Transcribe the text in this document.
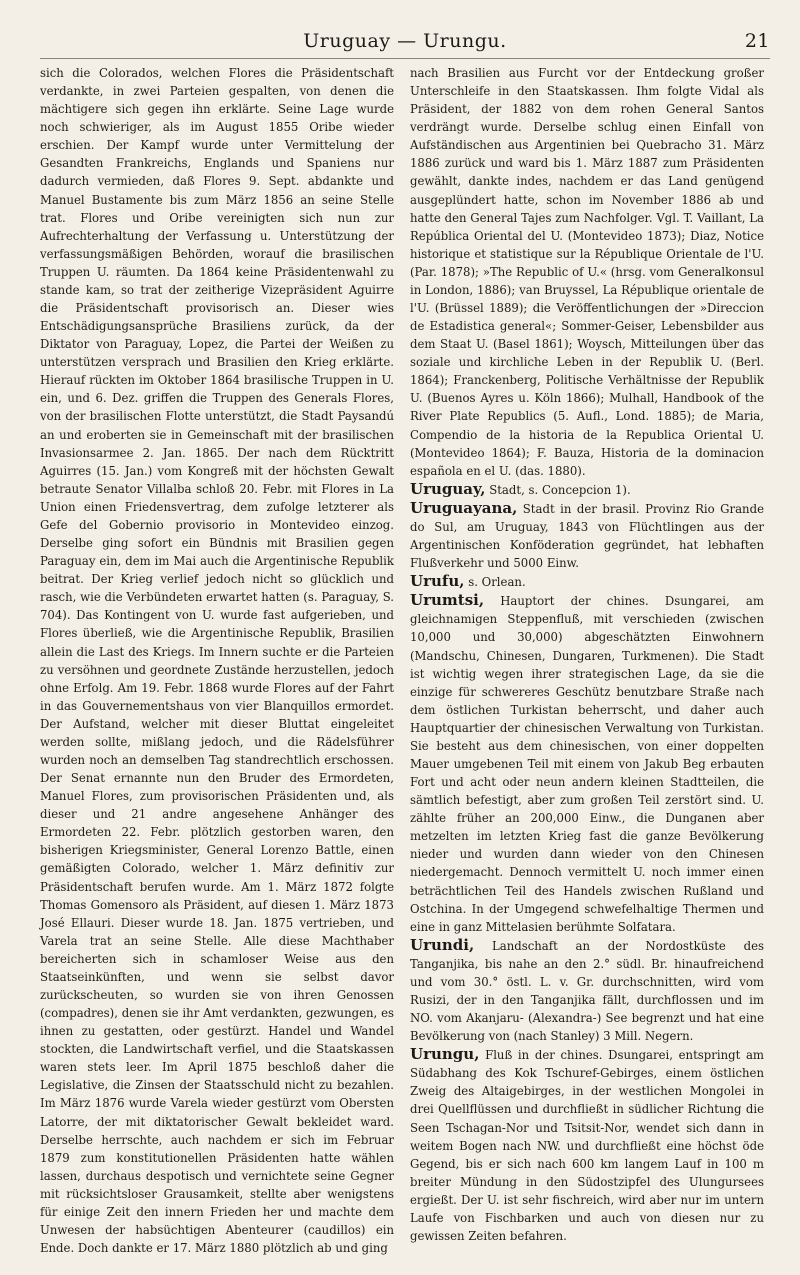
Uruguay — Urungu.	21

sich die Colorados, welchen Flores die Präsidentschaft verdankte, in zwei Parteien gespalten, von denen die mächtigere sich gegen ihn erklärte. Seine Lage wurde noch schwieriger, als im August 1855 Oribe wieder erschien. Der Kampf wurde unter Vermittelung der Gesandten Frankreichs, Englands und Spaniens nur dadurch vermieden, daß Flores 9. Sept. abdankte und Manuel Bustamente bis zum März 1856 an seine Stelle trat. Flores und Oribe vereinigten sich nun zur Aufrechterhaltung der Verfassung u. Unterstützung der verfassungsmäßigen Behörden, worauf die brasilischen Truppen U. räumten. Da 1864 keine Präsidentenwahl zu stande kam, so trat der zeitherige Vizepräsident Aguirre die Präsidentschaft provisorisch an. Dieser wies Entschädigungsansprüche Brasiliens zurück, da der Diktator von Paraguay, Lopez, die Partei der Weißen zu unterstützen versprach und Brasilien den Krieg erklärte. Hierauf rückten im Oktober 1864 brasilische Truppen in U. ein, und 6. Dez. griffen die Truppen des Generals Flores, von der brasilischen Flotte unterstützt, die Stadt Paysandú an und eroberten sie in Gemeinschaft mit der brasilischen Invasionsarmee 2. Jan. 1865. Der nach dem Rücktritt Aguirres (15. Jan.) vom Kongreß mit der höchsten Gewalt betraute Senator Villalba schloß 20. Febr. mit Flores in La Union einen Friedensvertrag, dem zufolge letzterer als Gefe del Gobernio provisorio in Montevideo einzog. Derselbe ging sofort ein Bündnis mit Brasilien gegen Paraguay ein, dem im Mai auch die Argentinische Republik beitrat. Der Krieg verlief jedoch nicht so glücklich und rasch, wie die Verbündeten erwartet hatten (s. Paraguay, S. 704). Das Kontingent von U. wurde fast aufgerieben, und Flores überließ, wie die Argentinische Republik, Brasilien allein die Last des Kriegs. Im Innern suchte er die Parteien zu versöhnen und geordnete Zustände herzustellen, jedoch ohne Erfolg. Am 19. Febr. 1868 wurde Flores auf der Fahrt in das Gouvernementshaus von vier Blanquillos ermordet. Der Aufstand, welcher mit dieser Bluttat eingeleitet werden sollte, mißlang jedoch, und die Rädelsführer wurden noch an demselben Tag standrechtlich erschossen. Der Senat ernannte nun den Bruder des Ermordeten, Manuel Flores, zum provisorischen Präsidenten und, als dieser und 21 andre angesehene Anhänger des Ermordeten 22. Febr. plötzlich gestorben waren, den bisherigen Kriegsminister, General Lorenzo Battle, einen gemäßigten Colorado, welcher 1. März definitiv zur Präsidentschaft berufen wurde. Am 1. März 1872 folgte Thomas Gomensoro als Präsident, auf diesen 1. März 1873 José Ellauri. Dieser wurde 18. Jan. 1875 vertrieben, und Varela trat an seine Stelle. Alle diese Machthaber bereicherten sich in schamloser Weise aus den Staatseinkünften, und wenn sie selbst davor zurückscheuten, so wurden sie von ihren Genossen (compadres), denen sie ihr Amt verdankten, gezwungen, es ihnen zu gestatten, oder gestürzt. Handel und Wandel stockten, die Landwirtschaft verfiel, und die Staatskassen waren stets leer. Im April 1875 beschloß daher die Legislative, die Zinsen der Staatsschuld nicht zu bezahlen. Im März 1876 wurde Varela wieder gestürzt vom Obersten Latorre, der mit diktatorischer Gewalt bekleidet ward. Derselbe herrschte, auch nachdem er sich im Februar 1879 zum konstitutionellen Präsidenten hatte wählen lassen, durchaus despotisch und vernichtete seine Gegner mit rücksichtsloser Grausamkeit, stellte aber wenigstens für einige Zeit den innern Frieden her und machte dem Unwesen der habsüchtigen Abenteurer (caudillos) ein Ende. Doch dankte er 17. März 1880 plötzlich ab und ging

nach Brasilien aus Furcht vor der Entdeckung großer Unterschleife in den Staatskassen. Ihm folgte Vidal als Präsident, der 1882 von dem rohen General Santos verdrängt wurde. Derselbe schlug einen Einfall von Aufständischen aus Argentinien bei Quebracho 31. März 1886 zurück und ward bis 1. März 1887 zum Präsidenten gewählt, dankte indes, nachdem er das Land genügend ausgeplündert hatte, schon im November 1886 ab und hatte den General Tajes zum Nachfolger. Vgl. T. Vaillant, La República Oriental del U. (Montevideo 1873); Diaz, Notice historique et statistique sur la République Orientale de l'U. (Par. 1878); »The Republic of U.« (hrsg. vom Generalkonsul in London, 1886); van Bruyssel, La République orientale de l'U. (Brüssel 1889); die Veröffentlichungen der »Direccion de Estadistica general«; Sommer-Geiser, Lebensbilder aus dem Staat U. (Basel 1861); Woysch, Mitteilungen über das soziale und kirchliche Leben in der Republik U. (Berl. 1864); Franckenberg, Politische Verhältnisse der Republik U. (Buenos Ayres u. Köln 1866); Mulhall, Handbook of the River Plate Republics (5. Aufl., Lond. 1885); de Maria, Compendio de la historia de la Republica Oriental U. (Montevideo 1864); F. Bauza, Historia de la dominacion española en el U. (das. 1880).

Uruguay, Stadt, s. Concepcion 1).

Uruguayana, Stadt in der brasil. Provinz Rio Grande do Sul, am Uruguay, 1843 von Flüchtlingen aus der Argentinischen Konföderation gegründet, hat lebhaften Flußverkehr und 5000 Einw.

Urufu, s. Orlean.

Urumtsi, Hauptort der chines. Dsungarei, am gleichnamigen Steppenfluß, mit verschieden (zwischen 10,000 und 30,000) abgeschätzten Einwohnern (Mandschu, Chinesen, Dungaren, Turkmenen). Die Stadt ist wichtig wegen ihrer strategischen Lage, da sie die einzige für schwereres Geschütz benutzbare Straße nach dem östlichen Turkistan beherrscht, und daher auch Hauptquartier der chinesischen Verwaltung von Turkistan. Sie besteht aus dem chinesischen, von einer doppelten Mauer umgebenen Teil mit einem von Jakub Beg erbauten Fort und acht oder neun andern kleinen Stadtteilen, die sämtlich befestigt, aber zum großen Teil zerstört sind. U. zählte früher an 200,000 Einw., die Dunganen aber metzelten im letzten Krieg fast die ganze Bevölkerung nieder und wurden dann wieder von den Chinesen niedergemacht. Dennoch vermittelt U. noch immer einen beträchtlichen Teil des Handels zwischen Rußland und Ostchina. In der Umgegend schwefelhaltige Thermen und eine in ganz Mittelasien berühmte Solfatara.

Urundi, Landschaft an der Nordostküste des Tanganjika, bis nahe an den 2.° südl. Br. hinaufreichend und vom 30.° östl. L. v. Gr. durchschnitten, wird vom Rusizi, der in den Tanganjika fällt, durchflossen und im NO. vom Akanjaru- (Alexandra-) See begrenzt und hat eine Bevölkerung von (nach Stanley) 3 Mill. Negern.

Urungu, Fluß in der chines. Dsungarei, entspringt am Südabhang des Kok Tschuref-Gebirges, einem östlichen Zweig des Altaigebirges, in der westlichen Mongolei in drei Quellflüssen und durchfließt in südlicher Richtung die Seen Tschagan-Nor und Tsitsit-Nor, wendet sich dann in weitem Bogen nach NW. und durchfließt eine höchst öde Gegend, bis er sich nach 600 km langem Lauf in 100 m breiter Mündung in den Südostzipfel des Ulungursees ergießt. Der U. ist sehr fischreich, wird aber nur im untern Laufe von Fischbarken und auch von diesen nur zu gewissen Zeiten befahren.
